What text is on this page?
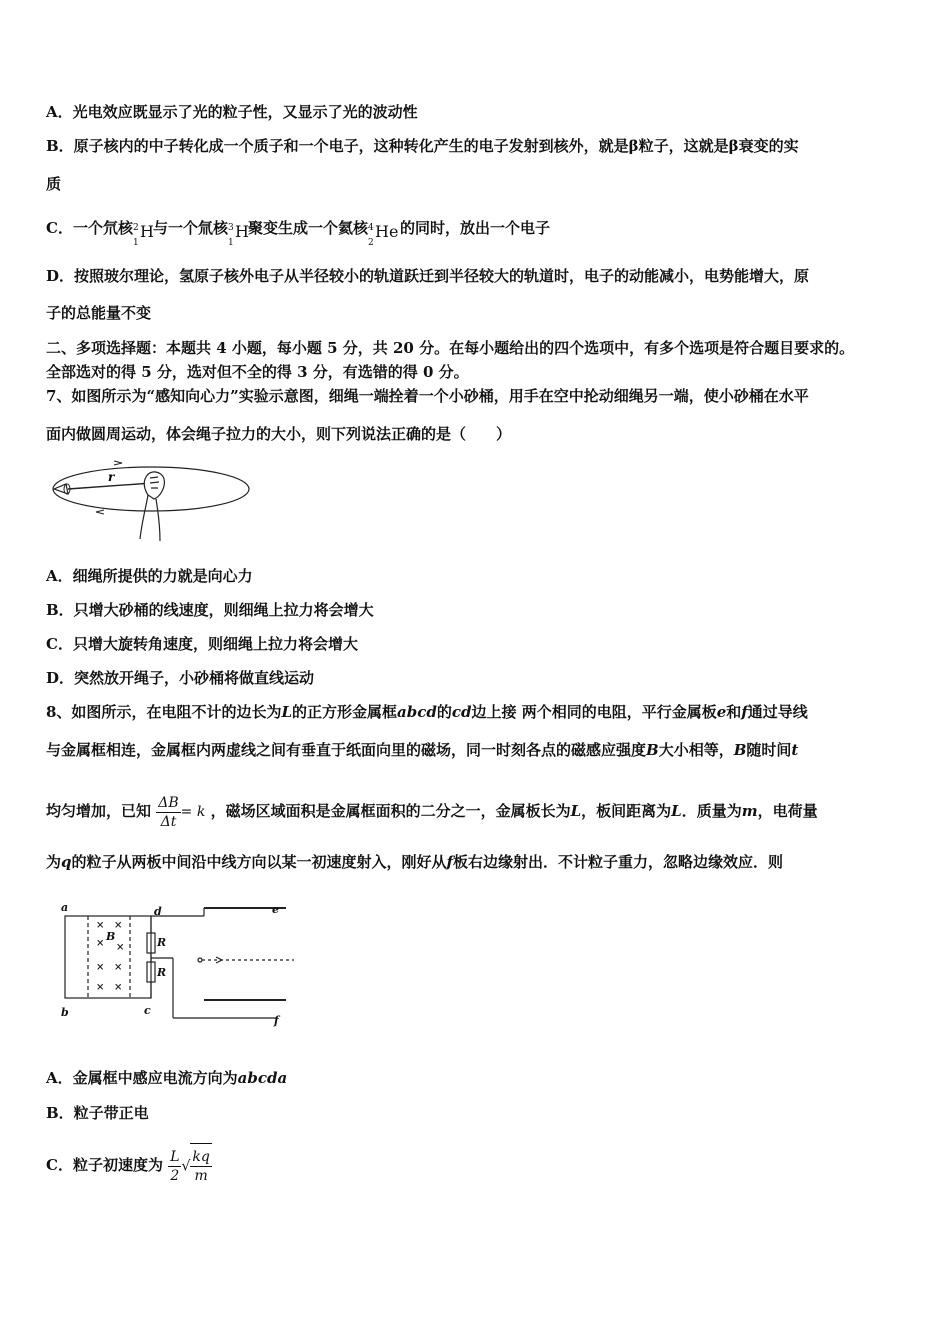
A．光电效应既显示了光的粒子性，又显示了光的波动性
B．原子核内的中子转化成一个质子和一个电子，这种转化产生的电子发射到核外，就是β粒子，这就是β衰变的实
质
C．一个氘核 2
1
H 与一个氚核 3
1
H 聚变生成一个氦核 4
2
He 的同时，放出一个电子
D．按照玻尔理论，氢原子核外电子从半径较小的轨道跃迁到半径较大的轨道时，电子的动能减小，电势能增大，原
子的总能量不变
二、多项选择题：本题共 4 小题，每小题 5 分，共 20 分。在每小题给出的四个选项中，有多个选项是符合题目要求的。
全部选对的得 5 分，选对但不全的得 3 分，有选错的得 0 分。
7、如图所示为“感知向心力”实验示意图，细绳一端拴着一个小砂桶，用手在空中抡动细绳另一端，使小砂桶在水平
面内做圆周运动，体会绳子拉力的大小，则下列说法正确的是（　　）
r
A．细绳所提供的力就是向心力
B．只增大砂桶的线速度，则细绳上拉力将会增大
C．只增大旋转角速度，则细绳上拉力将会增大
D．突然放开绳子，小砂桶将做直线运动
8、如图所示，在电阻不计的边长为L的正方形金属框abcd的cd边上接 两个相同的电阻，平行金属板e和f通过导线
与金属框相连，金属框内两虚线之间有垂直于纸面向里的磁场，同一时刻各点的磁感应强度B大小相等，B随时间t
均匀增加，已知 $\frac{\Delta B}{\Delta t} = k$ ，磁场区域面积是金属框面积的二分之一，金属板长为L，板间距离为L．质量为m，电荷量
为q的粒子从两板中间沿中线方向以某一初速度射入，刚好从f板右边缘射出．不计粒子重力，忽略边缘效应．则
a
b	c
d	e
f
B	R
R
× ×
× ×
× ×
× ×
A．金属框中感应电流方向为abcda
B．粒子带正电
C．粒子初速度为 $\frac{L}{2}$ √ $\frac{kq}{m}$
